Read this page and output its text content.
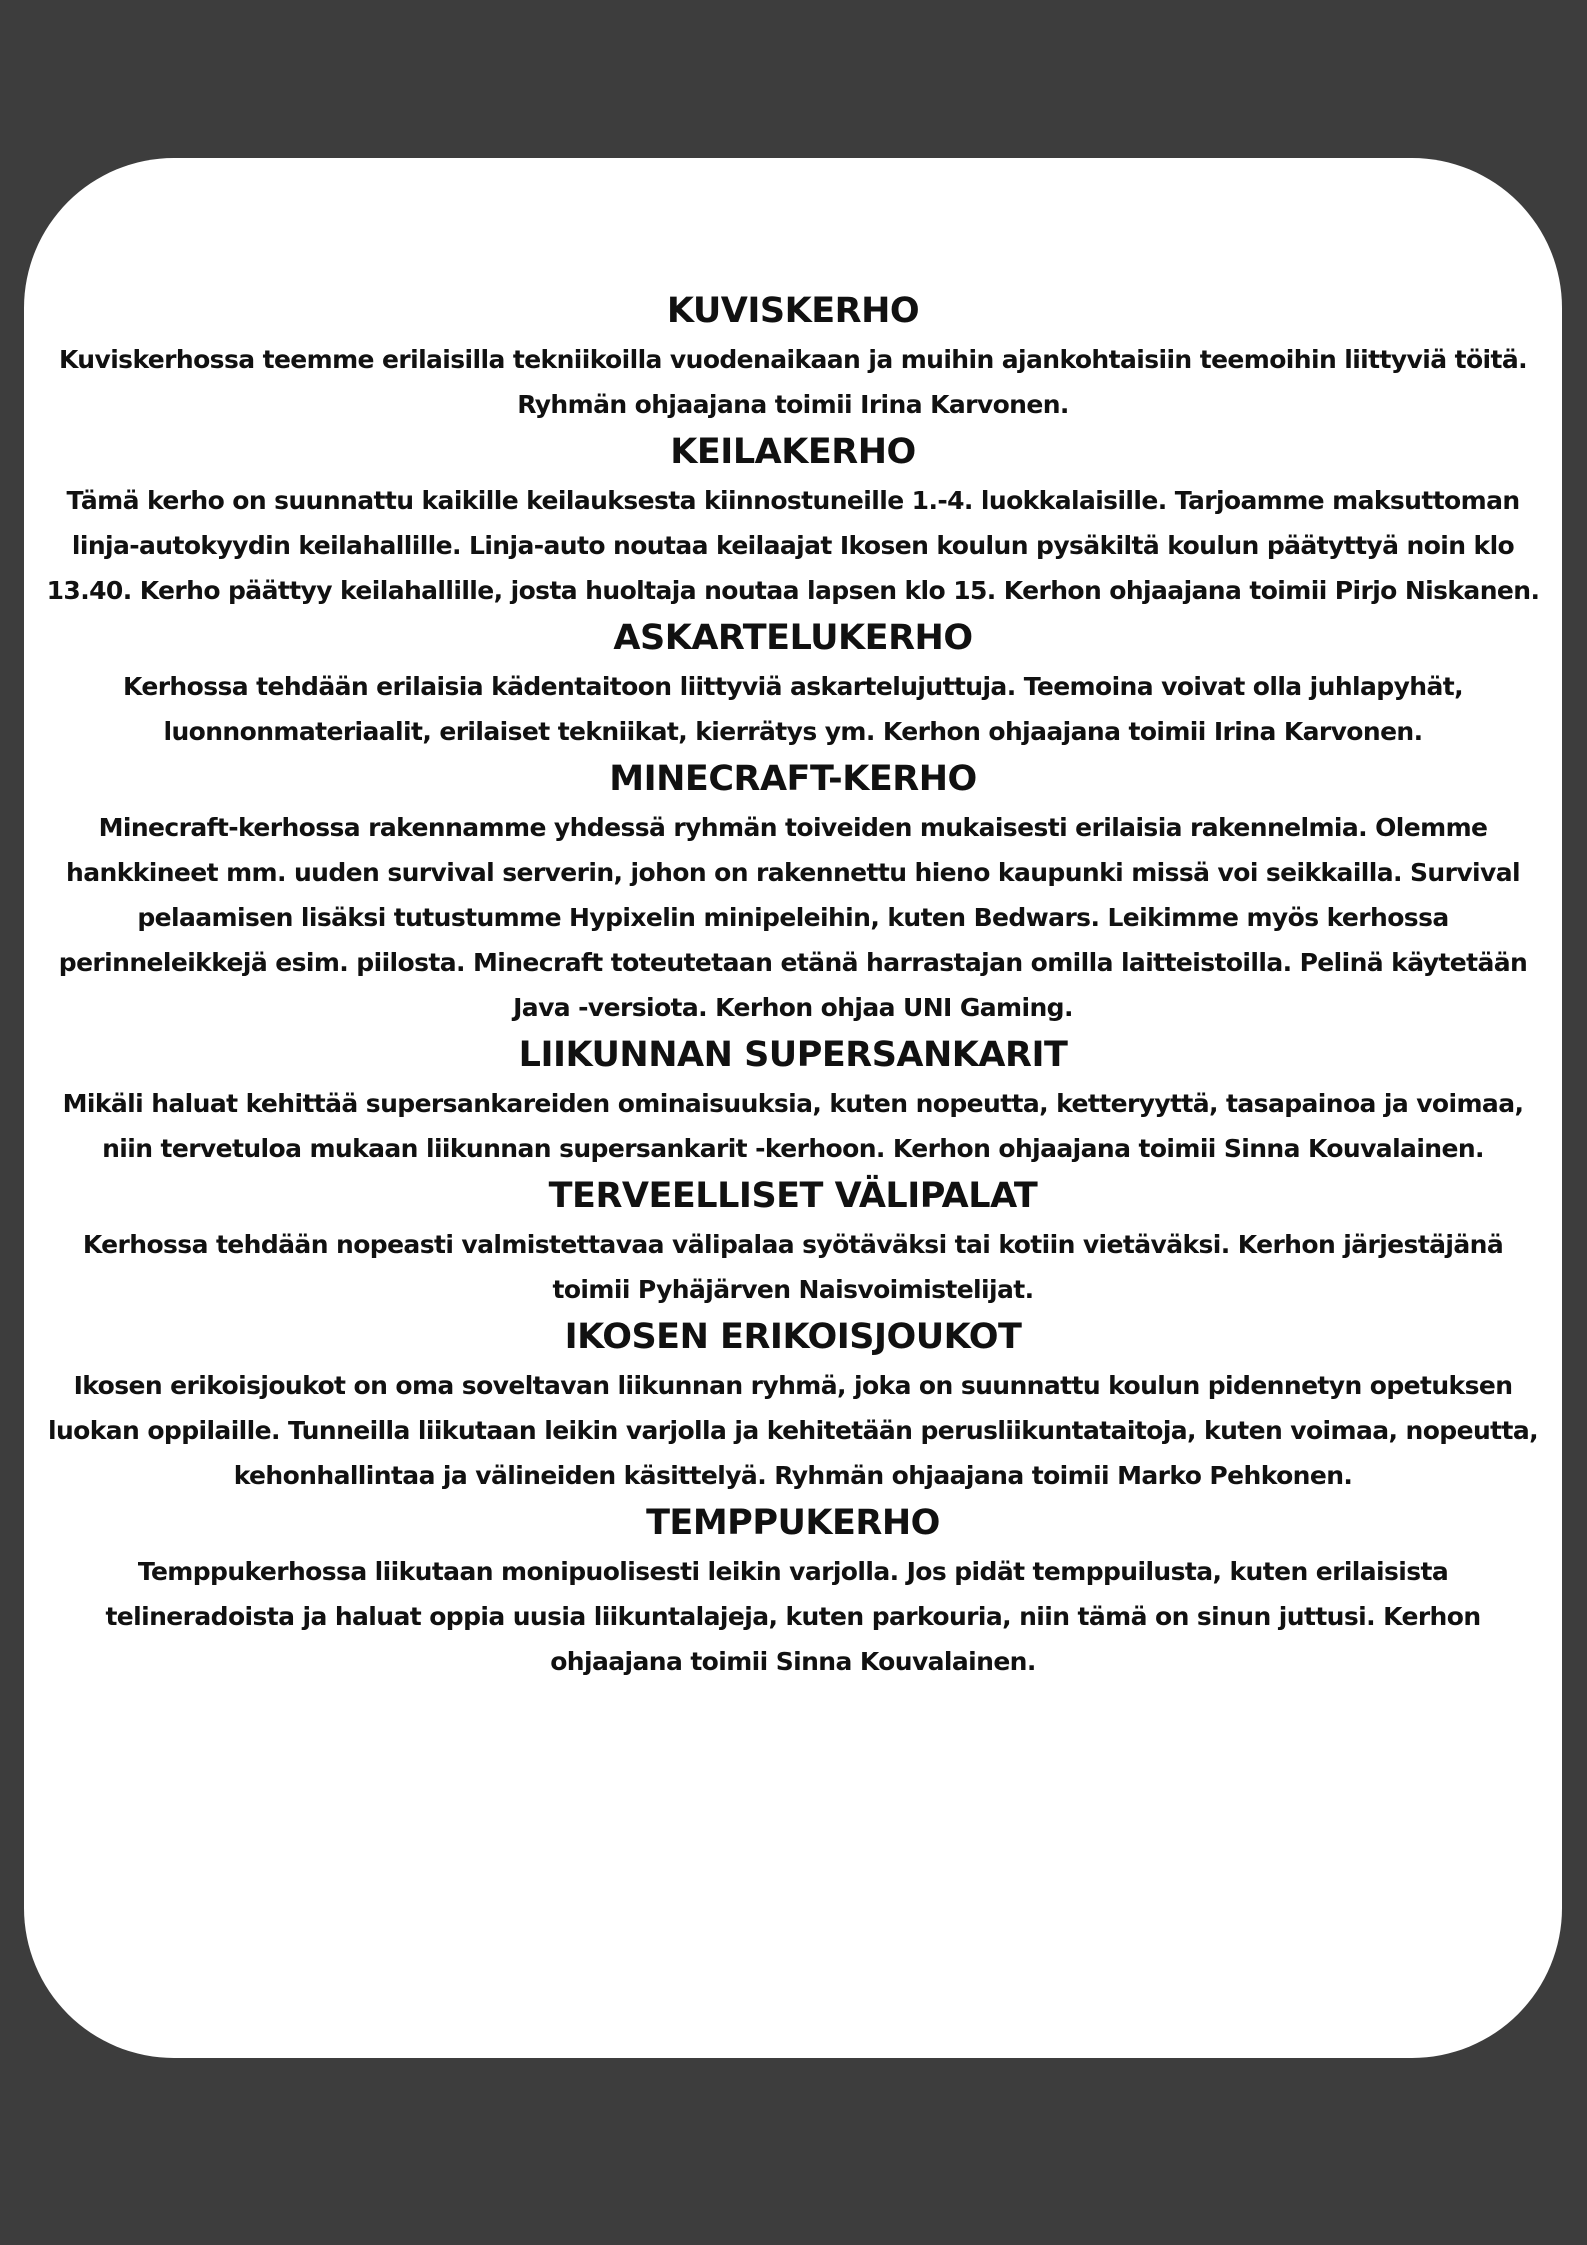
KUVISKERHO

Kuviskerhossa teemme erilaisilla tekniikoilla vuodenaikaan ja muihin ajankohtaisiin teemoihin liittyviä töitä. Ryhmän ohjaajana toimii Irina Karvonen.

KEILAKERHO

Tämä kerho on suunnattu kaikille keilauksesta kiinnostuneille 1.-4. luokkalaisille. Tarjoamme maksuttoman linja-autokyydin keilahallille. Linja-auto noutaa keilaajat Ikosen koulun pysäkiltä koulun päätyttyä noin klo 13.40. Kerho päättyy keilahallille, josta huoltaja noutaa lapsen klo 15. Kerhon ohjaajana toimii Pirjo Niskanen.

ASKARTELUKERHO

Kerhossa tehdään erilaisia kädentaitoon liittyviä askartelujuttuja. Teemoina voivat olla juhlapyhät, luonnonmateriaalit, erilaiset tekniikat, kierrätys ym. Kerhon ohjaajana toimii Irina Karvonen.

MINECRAFT-KERHO

Minecraft-kerhossa rakennamme yhdessä ryhmän toiveiden mukaisesti erilaisia rakennelmia. Olemme hankkineet mm. uuden survival serverin, johon on rakennettu hieno kaupunki missä voi seikkailla. Survival pelaamisen lisäksi tutustumme Hypixelin minipeleihin, kuten Bedwars. Leikimme myös kerhossa perinneleikkejä esim. piilosta. Minecraft toteutetaan etänä harrastajan omilla laitteistoilla. Pelinä käytetään Java -versiota. Kerhon ohjaa UNI Gaming.

LIIKUNNAN SUPERSANKARIT

Mikäli haluat kehittää supersankareiden ominaisuuksia, kuten nopeutta, ketteryyttä, tasapainoa ja voimaa, niin tervetuloa mukaan liikunnan supersankarit -kerhoon. Kerhon ohjaajana toimii Sinna Kouvalainen.

TERVEELLISET VÄLIPALAT

Kerhossa tehdään nopeasti valmistettavaa välipalaa syötäväksi tai kotiin vietäväksi. Kerhon järjestäjänä toimii Pyhäjärven Naisvoimistelijat.

IKOSEN ERIKOISJOUKOT

Ikosen erikoisjoukot on oma soveltavan liikunnan ryhmä, joka on suunnattu koulun pidennetyn opetuksen luokan oppilaille. Tunneilla liikutaan leikin varjolla ja kehitetään perusliikuntataitoja, kuten voimaa, nopeutta, kehonhallintaa ja välineiden käsittelyä. Ryhmän ohjaajana toimii Marko Pehkonen.

TEMPPUKERHO

Temppukerhossa liikutaan monipuolisesti leikin varjolla. Jos pidät temppuilusta, kuten erilaisista telineradoista ja haluat oppia uusia liikuntalajeja, kuten parkouria, niin tämä on sinun juttusi. Kerhon ohjaajana toimii Sinna Kouvalainen.
